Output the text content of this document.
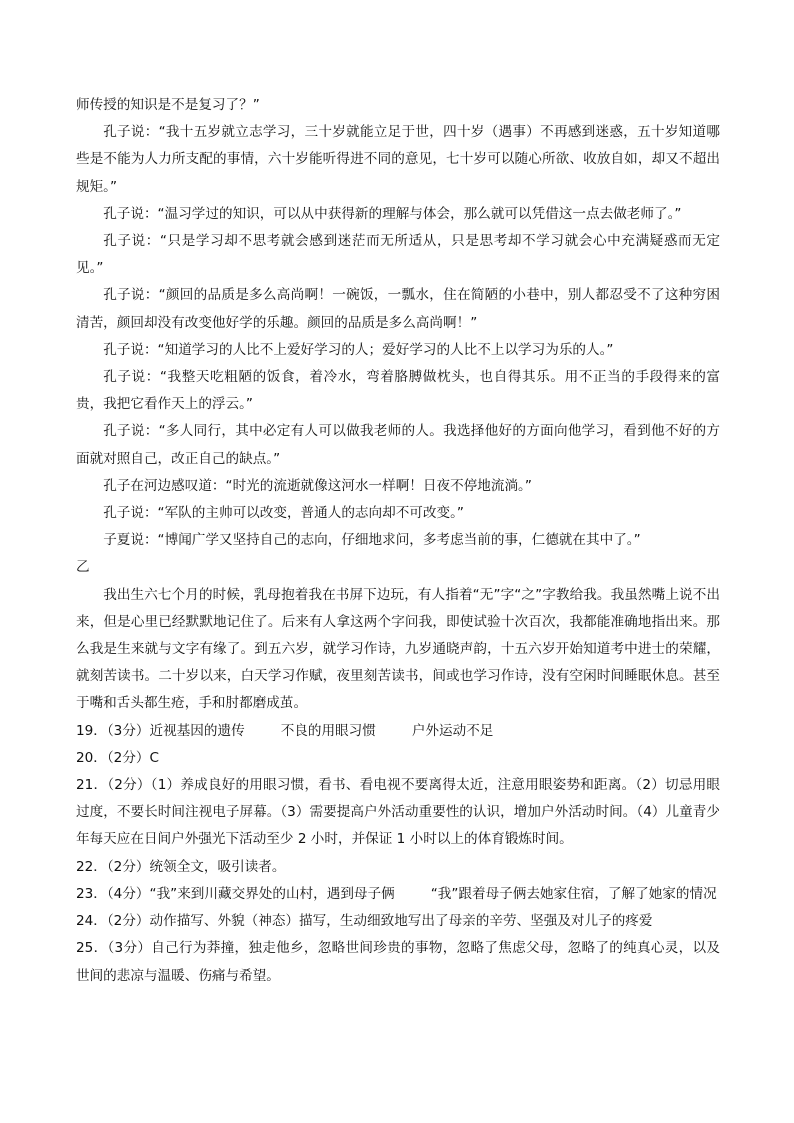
师传授的知识是不是复习了？”

孔子说：“我十五岁就立志学习，三十岁就能立足于世，四十岁（遇事）不再感到迷惑，五十岁知道哪些是不能为人力所支配的事情，六十岁能听得进不同的意见，七十岁可以随心所欲、收放自如，却又不超出规矩。”

孔子说：“温习学过的知识，可以从中获得新的理解与体会，那么就可以凭借这一点去做老师了。”

孔子说：“只是学习却不思考就会感到迷茫而无所适从，只是思考却不学习就会心中充满疑惑而无定见。”

孔子说：“颜回的品质是多么高尚啊！一碗饭，一瓢水，住在简陋的小巷中，别人都忍受不了这种穷困清苦，颜回却没有改变他好学的乐趣。颜回的品质是多么高尚啊！”

孔子说：“知道学习的人比不上爱好学习的人；爱好学习的人比不上以学习为乐的人。”

孔子说：“我整天吃粗陋的饭食，着冷水，弯着胳膊做枕头，也自得其乐。用不正当的手段得来的富贵，我把它看作天上的浮云。”

孔子说：“多人同行，其中必定有人可以做我老师的人。我选择他好的方面向他学习，看到他不好的方面就对照自己，改正自己的缺点。”

孔子在河边感叹道：“时光的流逝就像这河水一样啊！日夜不停地流淌。”

孔子说：“军队的主帅可以改变，普通人的志向却不可改变。”

子夏说：“博闻广学又坚持自己的志向，仔细地求问，多考虑当前的事，仁德就在其中了。”

乙

我出生六七个月的时候，乳母抱着我在书屏下边玩，有人指着“无”字“之”字教给我。我虽然嘴上说不出来，但是心里已经默默地记住了。后来有人拿这两个字问我，即使试验十次百次，我都能准确地指出来。那么我是生来就与文字有缘了。到五六岁，就学习作诗，九岁通晓声韵，十五六岁开始知道考中进士的荣耀，就刻苦读书。二十岁以来，白天学习作赋，夜里刻苦读书，间或也学习作诗，没有空闲时间睡眠休息。甚至于嘴和舌头都生疮，手和肘都磨成茧。

19．（3分）近视基因的遗传	不良的用眼习惯	户外运动不足

20．（2分）C

21．（2分）（1）养成良好的用眼习惯，看书、看电视不要离得太近，注意用眼姿势和距离。（2）切忌用眼过度，不要长时间注视电子屏幕。（3）需要提高户外活动重要性的认识，增加户外活动时间。（4）儿童青少年每天应在日间户外强光下活动至少 2 小时，并保证 1 小时以上的体育锻炼时间。

22．（2分）统领全文，吸引读者。

23．（4分）“我”来到川藏交界处的山村，遇到母子俩	“我”跟着母子俩去她家住宿，了解了她家的情况

24．（2分）动作描写、外貌（神态）描写，生动细致地写出了母亲的辛劳、坚强及对儿子的疼爱

25．（3分）自己行为莽撞，独走他乡，忽略世间珍贵的事物，忽略了焦虑父母，忽略了的纯真心灵，以及世间的悲凉与温暖、伤痛与希望。
